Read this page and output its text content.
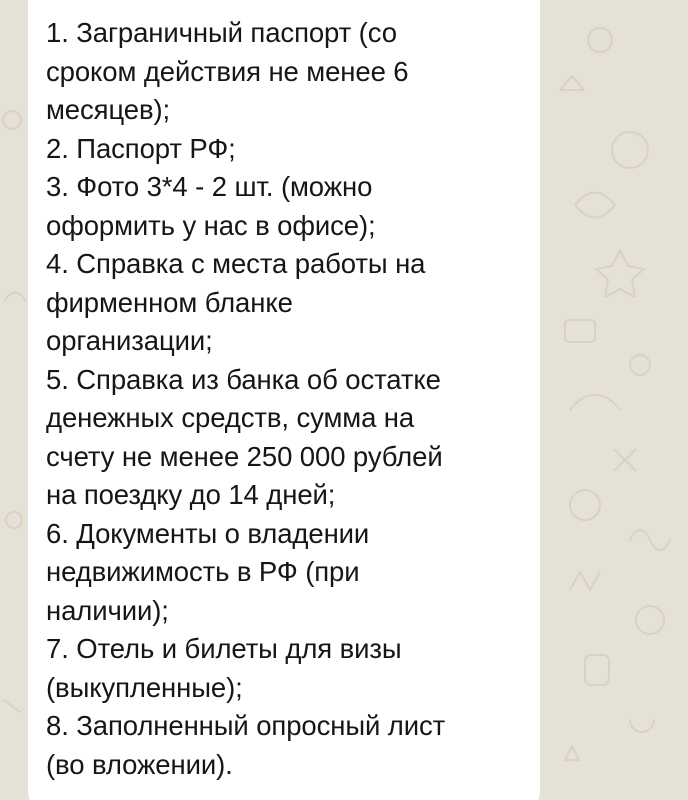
1. Заграничный паспорт (со
сроком действия не менее 6
месяцев);
2. Паспорт РФ;
3. Фото 3*4 - 2 шт. (можно
оформить у нас в офисе);
4. Справка с места работы на
фирменном бланке
организации;
5. Справка из банка об остатке
денежных средств, сумма на
счету не менее 250 000 рублей
на поездку до 14 дней;
6. Документы о владении
недвижимость в РФ (при
наличии);
7. Отель и билеты для визы
(выкупленные);
8. Заполненный опросный лист
(во вложении).
